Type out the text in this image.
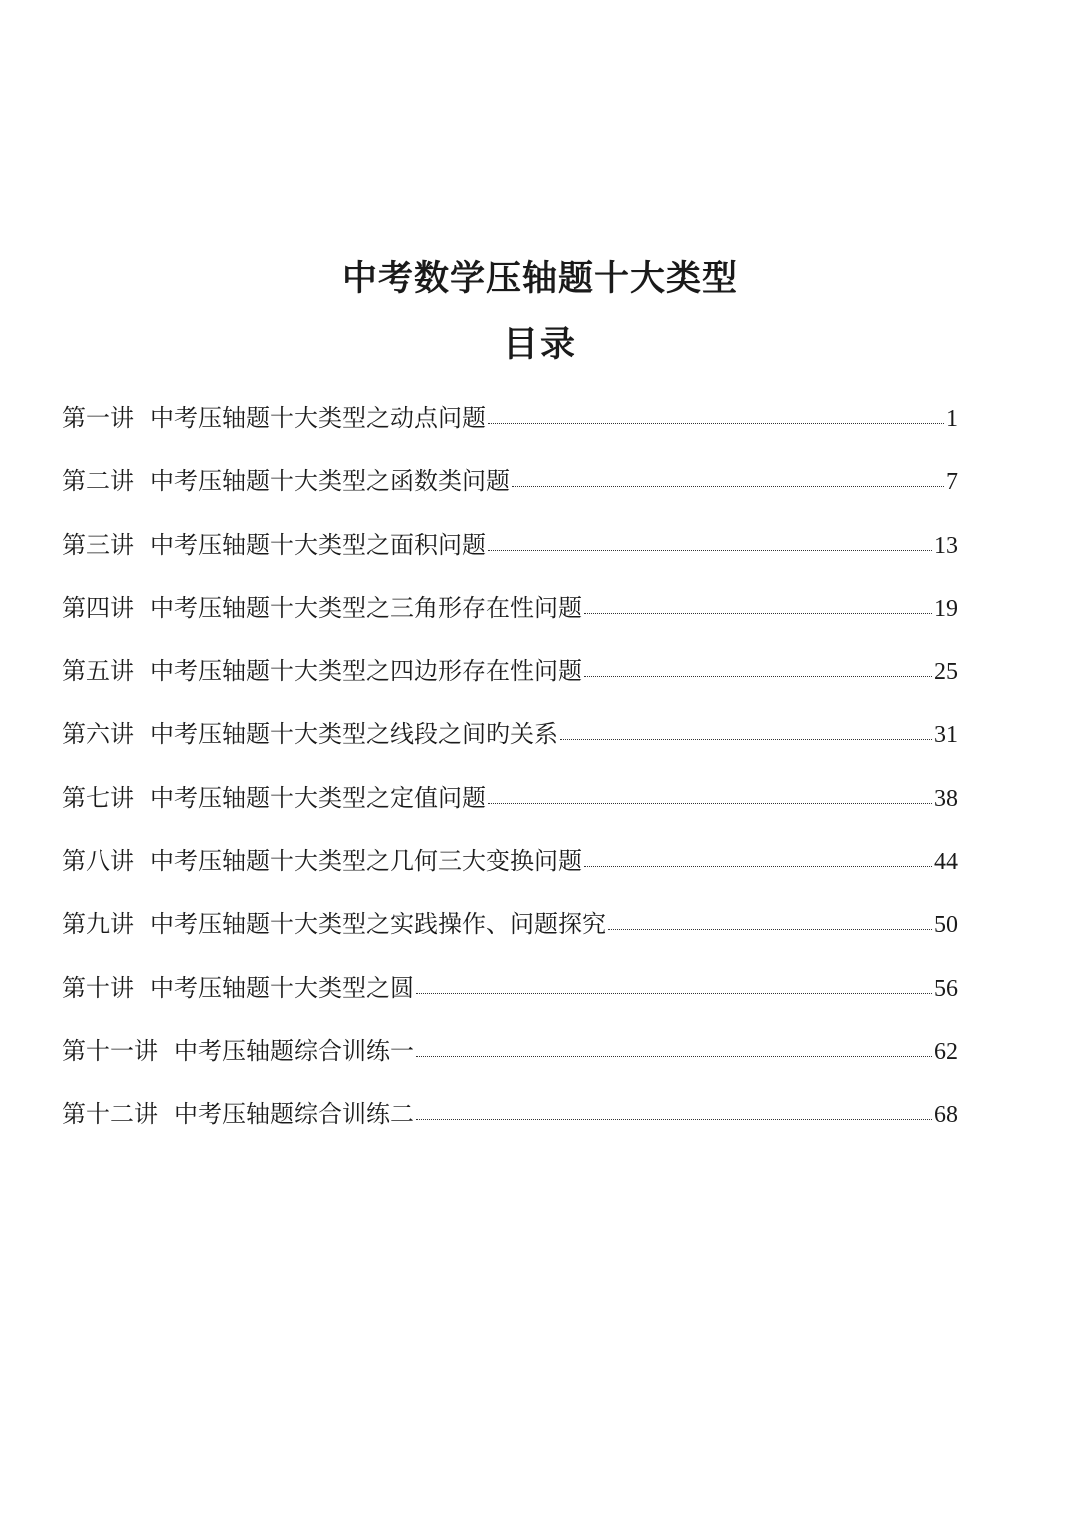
中考数学压轴题十大类型
目录
第一讲 中考压轴题十大类型之动点问题	1
第二讲 中考压轴题十大类型之函数类问题	7
第三讲 中考压轴题十大类型之面积问题	13
第四讲 中考压轴题十大类型之三角形存在性问题	19
第五讲 中考压轴题十大类型之四边形存在性问题	25
第六讲 中考压轴题十大类型之线段之间旳关系	31
第七讲 中考压轴题十大类型之定值问题	38
第八讲 中考压轴题十大类型之几何三大变换问题	44
第九讲 中考压轴题十大类型之实践操作、问题探究	50
第十讲 中考压轴题十大类型之圆	56
第十一讲 中考压轴题综合训练一	62
第十二讲 中考压轴题综合训练二	68
